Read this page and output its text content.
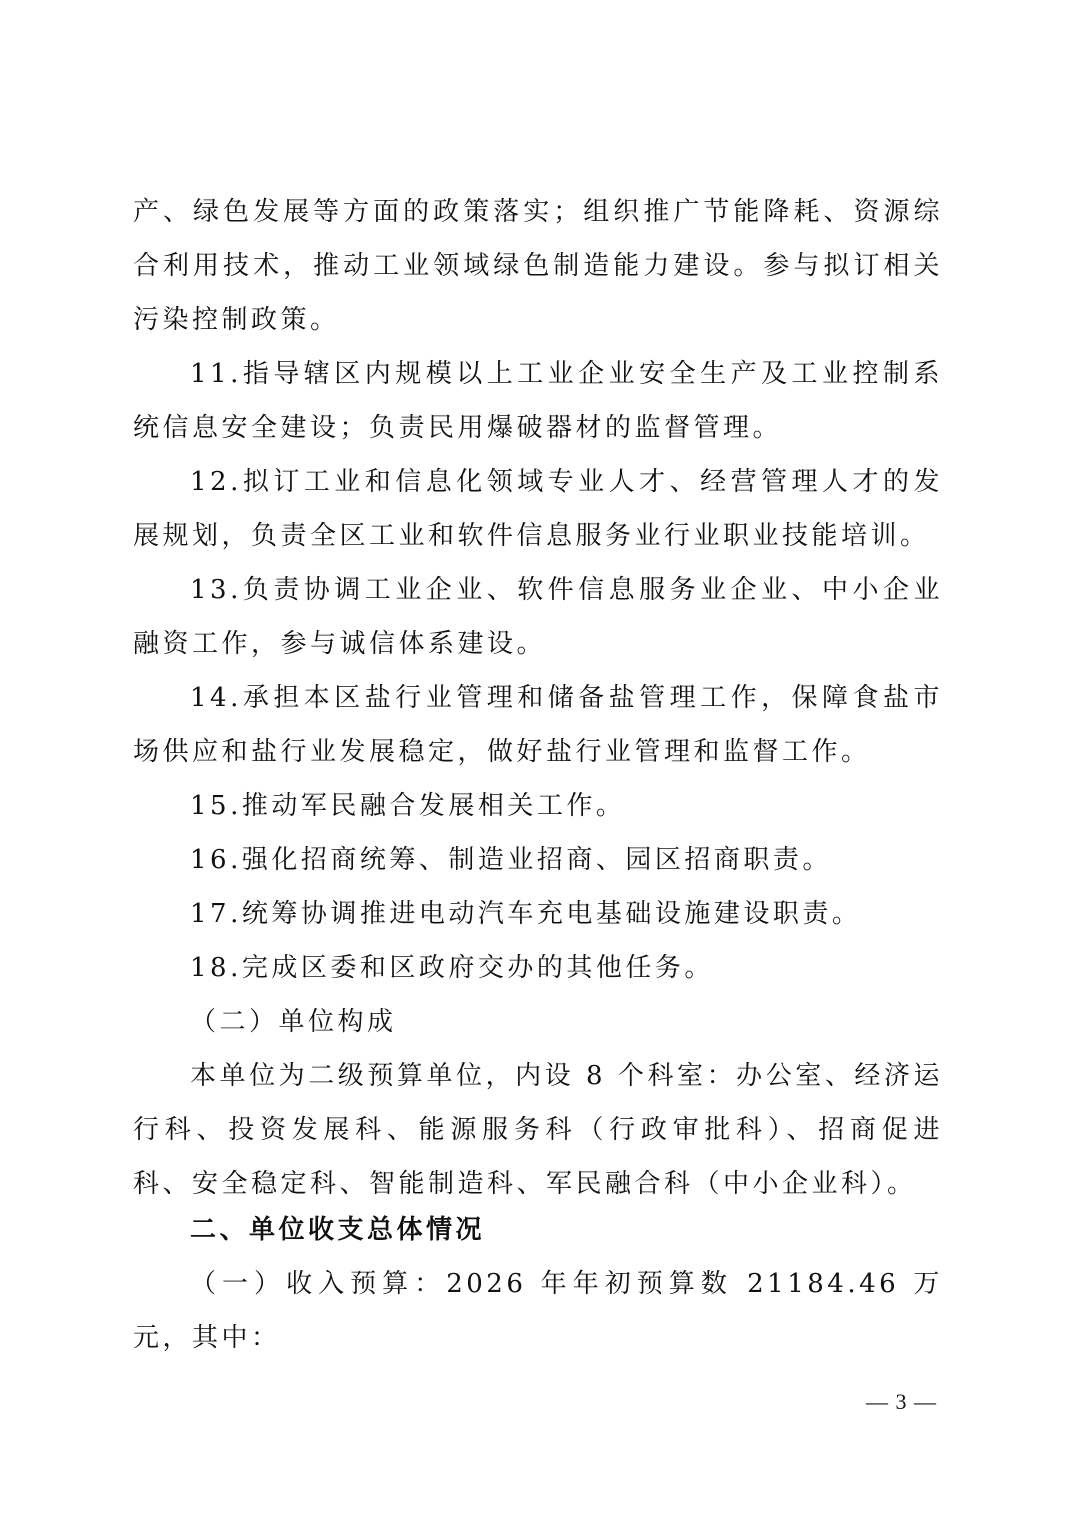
产、绿色发展等方面的政策落实；组织推广节能降耗、资源综合利用技术，推动工业领域绿色制造能力建设。参与拟订相关污染控制政策。

11.指导辖区内规模以上工业企业安全生产及工业控制系统信息安全建设；负责民用爆破器材的监督管理。

12.拟订工业和信息化领域专业人才、经营管理人才的发展规划，负责全区工业和软件信息服务业行业职业技能培训。

13.负责协调工业企业、软件信息服务业企业、中小企业融资工作，参与诚信体系建设。

14.承担本区盐行业管理和储备盐管理工作，保障食盐市场供应和盐行业发展稳定，做好盐行业管理和监督工作。

15.推动军民融合发展相关工作。

16.强化招商统筹、制造业招商、园区招商职责。

17.统筹协调推进电动汽车充电基础设施建设职责。

18.完成区委和区政府交办的其他任务。

（二）单位构成

本单位为二级预算单位，内设 8 个科室：办公室、经济运行科、投资发展科、能源服务科（行政审批科）、招商促进科、安全稳定科、智能制造科、军民融合科（中小企业科）。

二、单位收支总体情况

（一）收入预算：2026 年年初预算数 21184.46 万元，其中：

— 3 —
